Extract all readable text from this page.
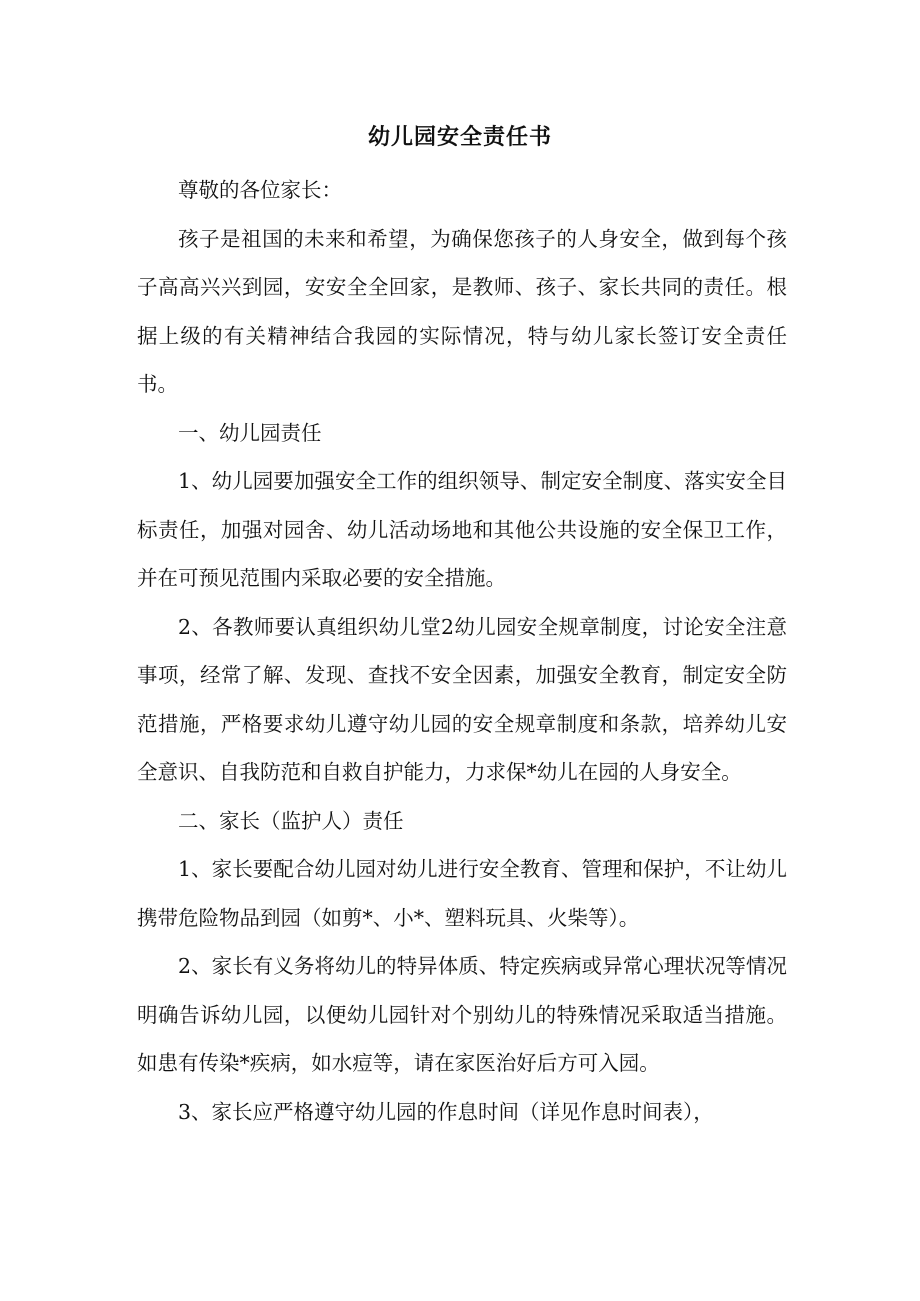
幼儿园安全责任书

尊敬的各位家长：

孩子是祖国的未来和希望，为确保您孩子的人身安全，做到每个孩子高高兴兴到园，安安全全回家，是教师、孩子、家长共同的责任。根据上级的有关精神结合我园的实际情况，特与幼儿家长签订安全责任书。

一、幼儿园责任

1、幼儿园要加强安全工作的组织领导、制定安全制度、落实安全目标责任，加强对园舍、幼儿活动场地和其他公共设施的安全保卫工作，并在可预见范围内采取必要的安全措施。

2、各教师要认真组织幼儿堂2幼儿园安全规章制度，讨论安全注意事项，经常了解、发现、查找不安全因素，加强安全教育，制定安全防范措施，严格要求幼儿遵守幼儿园的安全规章制度和条款，培养幼儿安全意识、自我防范和自救自护能力，力求保*幼儿在园的人身安全。

二、家长（监护人）责任

1、家长要配合幼儿园对幼儿进行安全教育、管理和保护，不让幼儿携带危险物品到园（如剪*、小*、塑料玩具、火柴等）。

2、家长有义务将幼儿的特异体质、特定疾病或异常心理状况等情况明确告诉幼儿园，以便幼儿园针对个别幼儿的特殊情况采取适当措施。如患有传染*疾病，如水痘等，请在家医治好后方可入园。

3、家长应严格遵守幼儿园的作息时间（详见作息时间表），
